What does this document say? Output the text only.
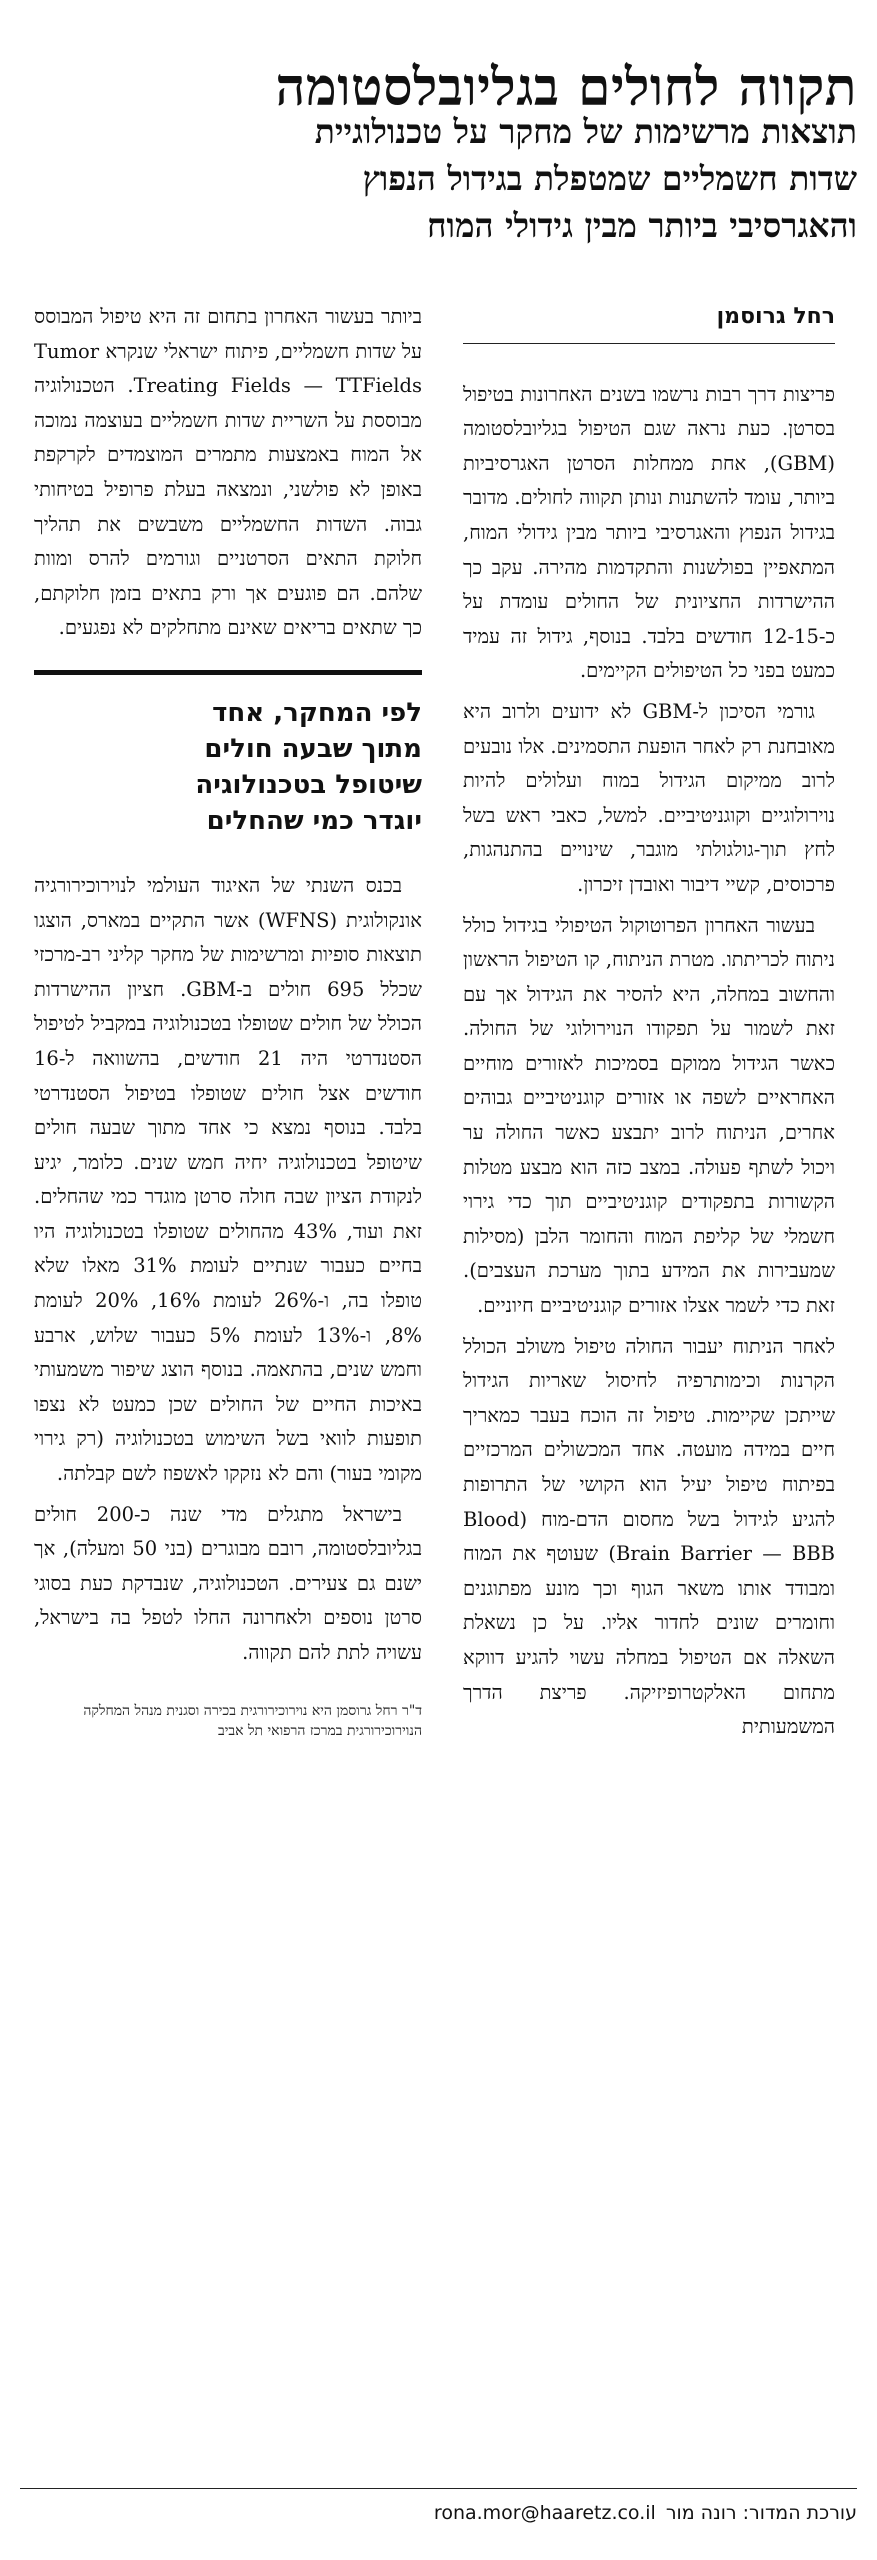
תקווה לחולים בגליובלסטומה
תוצאות מרשימות של מחקר על טכנולוגיית
שדות חשמליים שמטפלת בגידול הנפוץ
והאגרסיבי ביותר מבין גידולי המוח
רחל גרוסמן

פריצות דרך רבות נרשמו בשנים האחרונות בטיפול בסרטן. כעת נראה שגם הטיפול בגליובלסטומה (GBM), אחת ממחלות הסרטן האגרסיביות ביותר, עומד להשתנות ונותן תקווה לחולים. מדובר בגידול הנפוץ והאגרסיבי ביותר מבין גידולי המוח, המתאפיין בפולשנות והתקדמות מהירה. עקב כך ההישרדות החציונית של החולים עומדת על כ-12-15 חודשים בלבד. בנוסף, גידול זה עמיד כמעט בפני כל הטיפולים הקיימים.

גורמי הסיכון ל-GBM לא ידועים ולרוב היא מאובחנת רק לאחר הופעת התסמינים. אלו נובעים לרוב ממיקום הגידול במוח ועלולים להיות נוירולוגיים וקוגניטיביים. למשל, כאבי ראש בשל לחץ תוך-גולגולתי מוגבר, שינויים בהתנהגות, פרכוסים, קשיי דיבור ואובדן זיכרון.

בעשור האחרון הפרוטוקול הטיפולי בגידול כולל ניתוח לכריתתו. מטרת הניתוח, קו הטיפול הראשון והחשוב במחלה, היא להסיר את הגידול אך עם זאת לשמור על תפקודו הנוירולוגי של החולה. כאשר הגידול ממוקם בסמיכות לאזורים מוחיים האחראיים לשפה או אזורים קוגניטיביים גבוהים אחרים, הניתוח לרוב יתבצע כאשר החולה ער ויכול לשתף פעולה. במצב כזה הוא מבצע מטלות הקשורות בתפקודים קוגניטיביים תוך כדי גירוי חשמלי של קליפת המוח והחומר הלבן (מסילות שמעבירות את המידע בתוך מערכת העצבים). זאת כדי לשמר אצלו אזורים קוגניטיביים חיוניים.

לאחר הניתוח יעבור החולה טיפול משולב הכולל הקרנות וכימותרפיה לחיסול שאריות הגידול שייתכן שקיימות. טיפול זה הוכח בעבר כמאריך חיים במידה מועטה. אחד המכשולים המרכזיים בפיתוח טיפול יעיל הוא הקושי של התרופות להגיע לגידול בשל מחסום הדם-מוח (Blood Brain Barrier — BBB) שעוטף את המוח ומבודד אותו משאר הגוף וכך מונע מפתוגנים וחומרים שונים לחדור אליו. על כן נשאלת השאלה אם הטיפול במחלה עשוי להגיע דווקא מתחום האלקטרופיזיקה. פריצת הדרך המשמעותית

ביותר בעשור האחרון בתחום זה היא טיפול המבוסס על שדות חשמליים, פיתוח ישראלי שנקרא Tumor Treating Fields — TTFields. הטכנולוגיה מבוססת על השריית שדות חשמליים בעוצמה נמוכה אל המוח באמצעות מתמרים המוצמדים לקרקפת באופן לא פולשני, ונמצאה בעלת פרופיל בטיחותי גבוה. השדות החשמליים משבשים את תהליך חלוקת התאים הסרטניים וגורמים להרס ומוות שלהם. הם פוגעים אך ורק בתאים בזמן חלוקתם, כך שתאים בריאים שאינם מתחלקים לא נפגעים.

לפי המחקר, אחד
מתוך שבעה חולים
שיטופל בטכנולוגיה
יוגדר כמי שהחלים

בכנס השנתי של האיגוד העולמי לנוירוכירורגיה אונקולוגית (WFNS) אשר התקיים במארס, הוצגו תוצאות סופיות ומרשימות של מחקר קליני רב-מרכזי שכלל 695 חולים ב-GBM. חציון ההישרדות הכולל של חולים שטופלו בטכנולוגיה במקביל לטיפול הסטנדרטי היה 21 חודשים, בהשוואה ל-16 חודשים אצל חולים שטופלו בטיפול הסטנדרטי בלבד. בנוסף נמצא כי אחד מתוך שבעה חולים שיטופל בטכנולוגיה יחיה חמש שנים. כלומר, יגיע לנקודת הציון שבה חולה סרטן מוגדר כמי שהחלים. זאת ועוד, 43% מהחולים שטופלו בטכנולוגיה היו בחיים כעבור שנתיים לעומת 31% מאלו שלא טופלו בה, ו-26% לעומת 16%, 20% לעומת 8%, ו-13% לעומת 5% כעבור שלוש, ארבע וחמש שנים, בהתאמה. בנוסף הוצג שיפור משמעותי באיכות החיים של החולים שכן כמעט לא נצפו תופעות לוואי בשל השימוש בטכנולוגיה (רק גירוי מקומי בעור) והם לא נזקקו לאשפוז לשם קבלתה.

בישראל מתגלים מדי שנה כ-200 חולים בגליובלסטומה, רובם מבוגרים (בני 50 ומעלה), אך ישנם גם צעירים. הטכנולוגיה, שנבדקת כעת בסוגי סרטן נוספים ולאחרונה החלו לטפל בה בישראל, עשויה לתת להם תקווה.

ד"ר רחל גרוסמן היא נוירוכירורגית בכירה וסגנית מנהל המחלקה הנוירוכירורגית במרכז הרפואי תל אביב
עורכת המדור: רונה מור
rona.mor@haaretz.co.il
